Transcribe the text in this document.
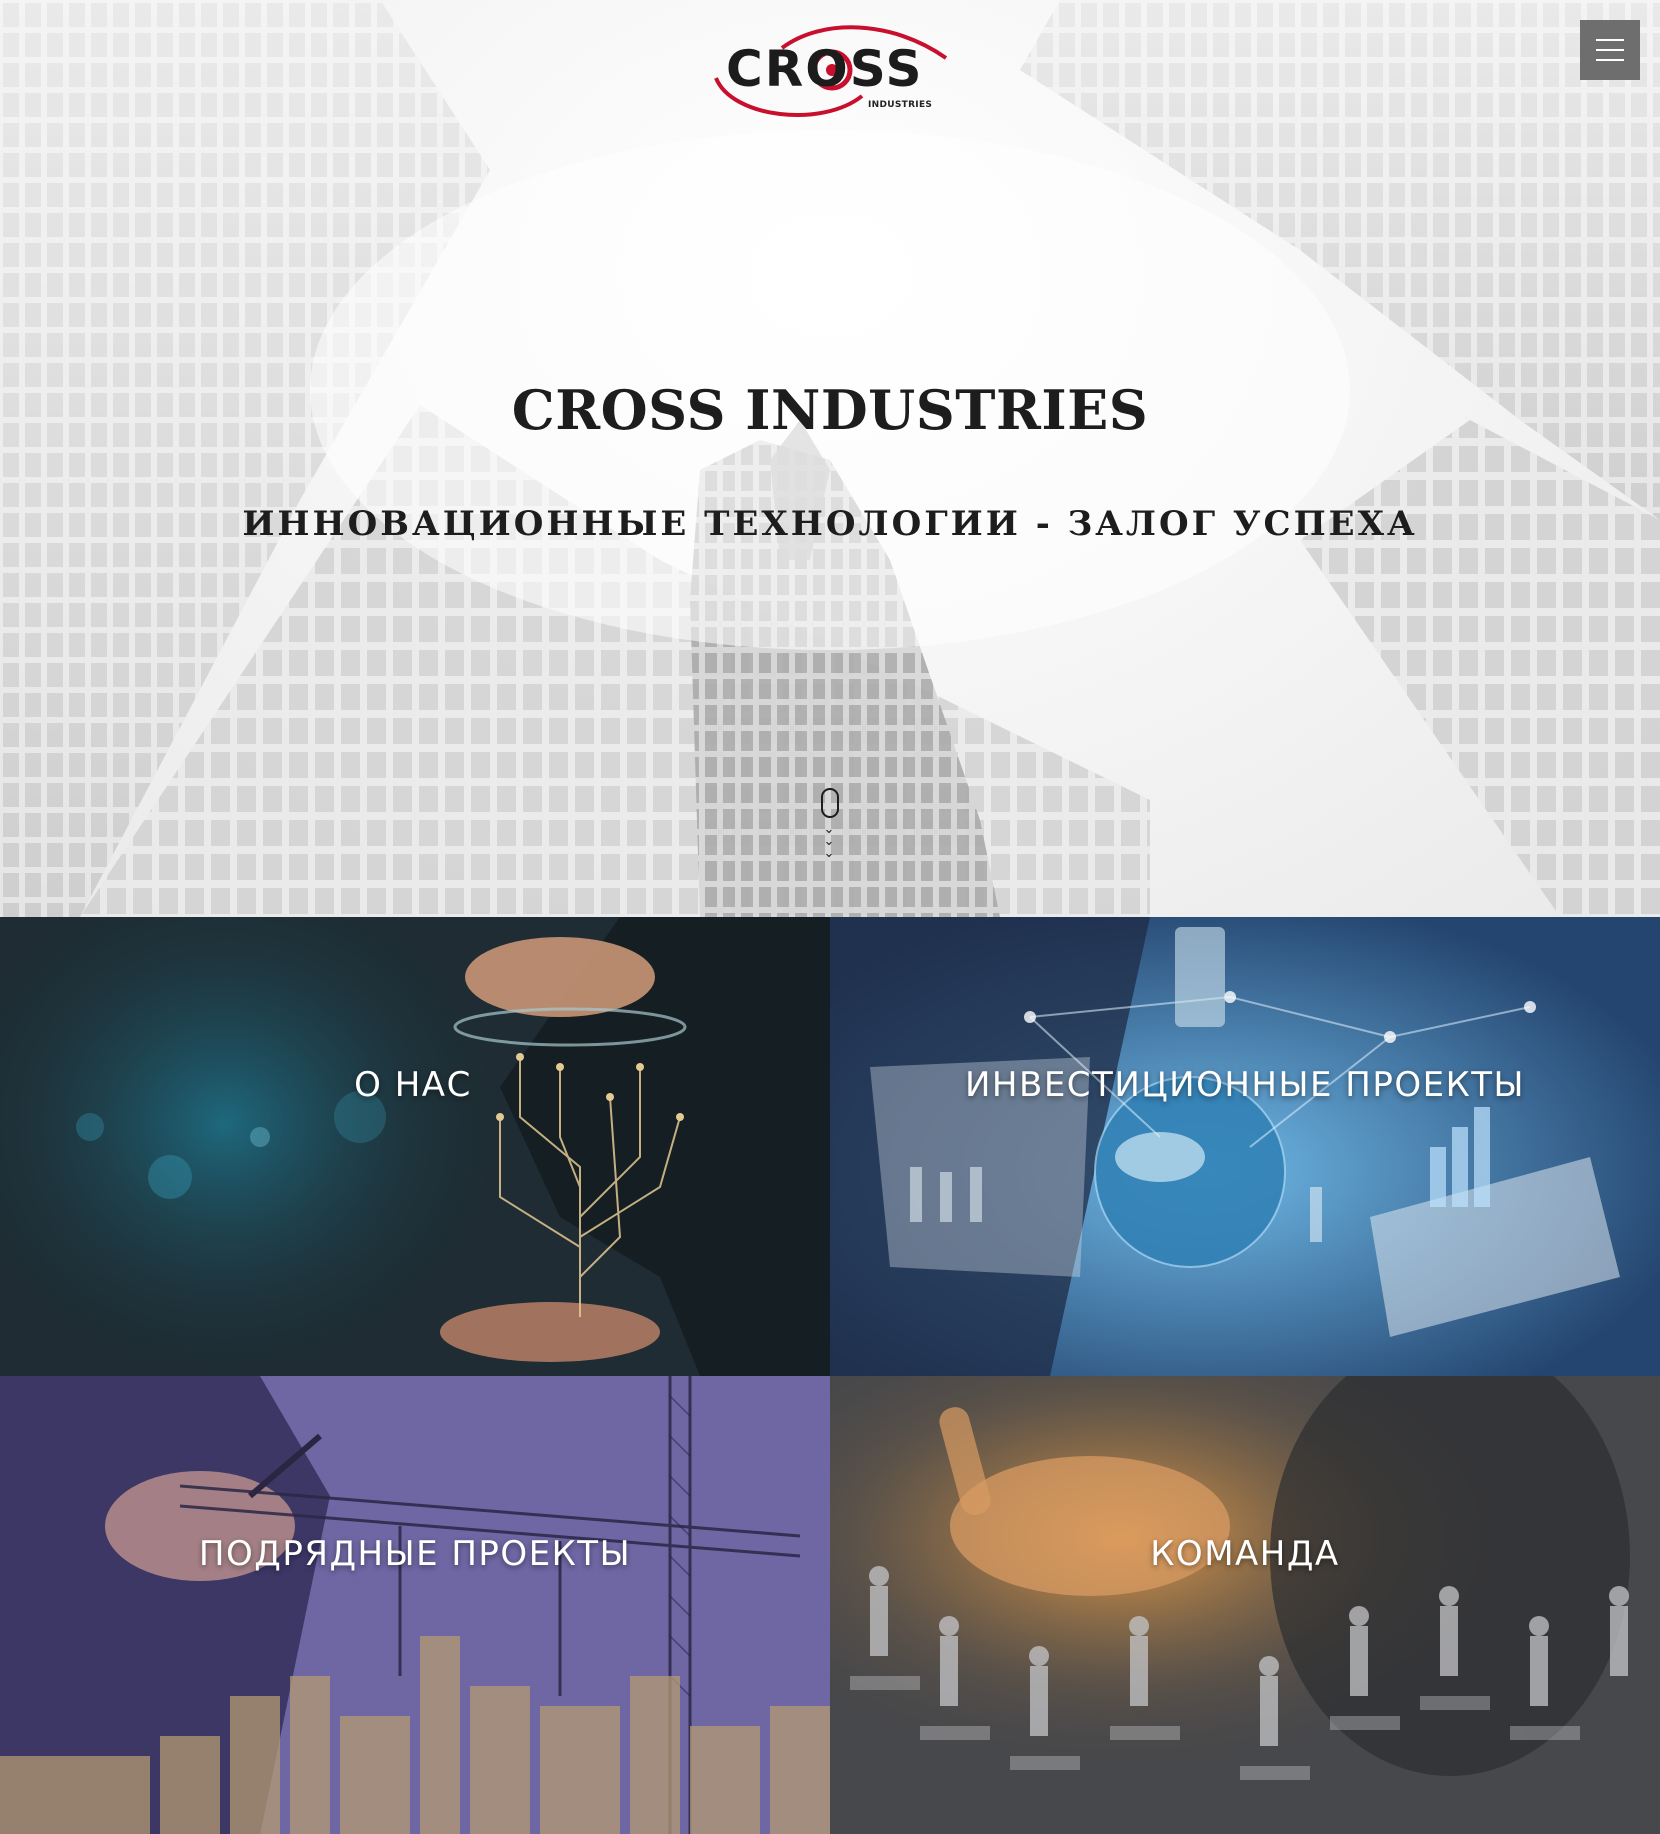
CROSS
INDUSTRIES
CROSS INDUSTRIES
ИННОВАЦИОННЫЕ ТЕХНОЛОГИИ - ЗАЛОГ УСПЕХА
⌄
⌄
⌄
О НАС	ИНВЕСТИЦИОННЫЕ ПРОЕКТЫ
ПОДРЯДНЫЕ ПРОЕКТЫ	КОМАНДА
